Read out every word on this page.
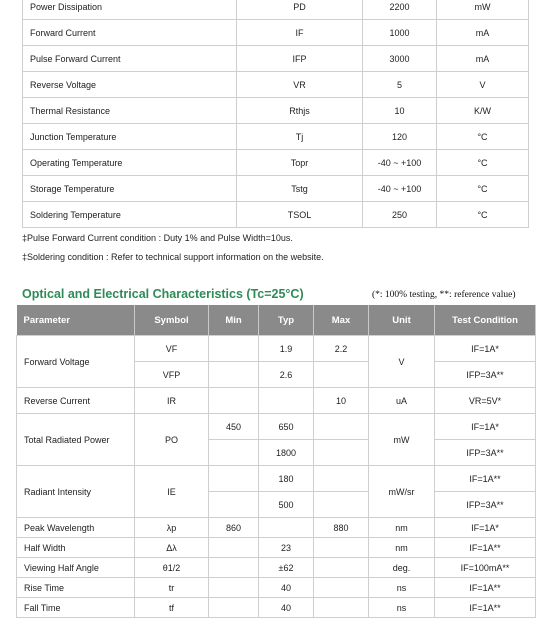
Power Dissipation	PD	2200	mW
Forward Current	IF	1000	mA
Pulse Forward Current	IFP	3000	mA
Reverse Voltage	VR	5	V
Thermal Resistance	Rthjs	10	K/W
Junction Temperature	Tj	120	°C
Operating Temperature	Topr	-40 ~ +100	°C
Storage Temperature	Tstg	-40 ~ +100	°C
Soldering Temperature	TSOL	250	°C
‡Pulse Forward Current condition : Duty 1% and Pulse Width=10us.
‡Soldering condition : Refer to technical support information on the website.
Optical and Electrical Characteristics (Tc=25°C)	(*: 100% testing, **: reference value)
Parameter	Symbol	Min	Typ	Max	Unit	Test Condition
Forward Voltage	VF		1.9	2.2	V	IF=1A*
	VFP		2.6			IFP=3A**
Reverse Current	IR			10	uA	VR=5V*
Total Radiated Power	PO	450	650		mW	IF=1A*
			1800			IFP=3A**
Radiant Intensity	IE		180		mW/sr	IF=1A**
			500			IFP=3A**
Peak Wavelength	λp	860		880	nm	IF=1A*
Half Width	Δλ		23		nm	IF=1A**
Viewing Half Angle	θ1/2		±62		deg.	IF=100mA**
Rise Time	tr		40		ns	IF=1A**
Fall Time	tf		40		ns	IF=1A**
